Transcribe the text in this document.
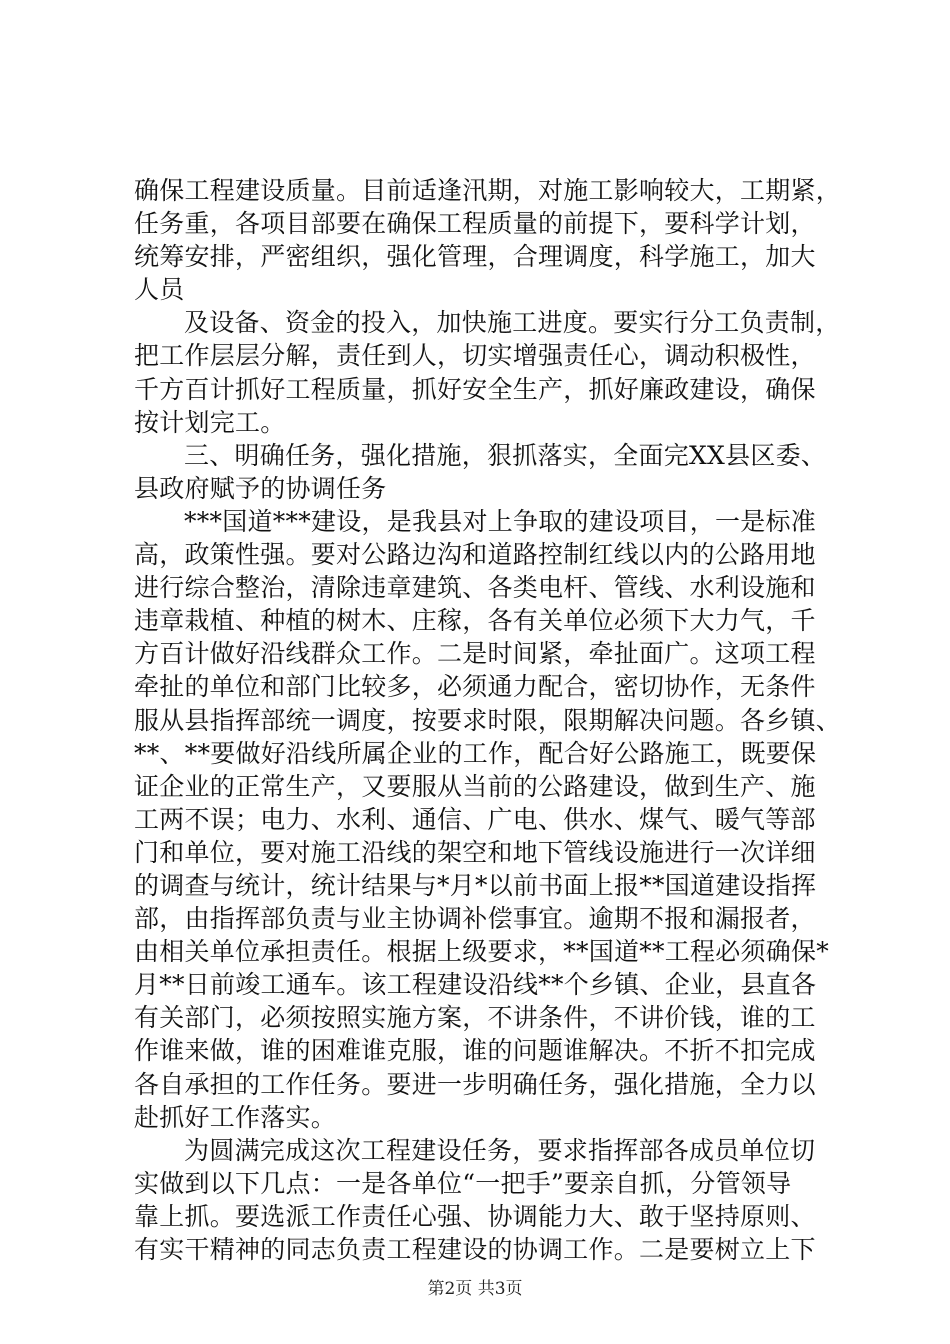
确保工程建设质量。目前适逢汛期，对施工影响较大，工期紧，
任务重，各项目部要在确保工程质量的前提下，要科学计划，
统筹安排，严密组织，强化管理，合理调度，科学施工，加大
人员
及设备、资金的投入，加快施工进度。要实行分工负责制，
把工作层层分解，责任到人，切实增强责任心，调动积极性，
千方百计抓好工程质量，抓好安全生产，抓好廉政建设，确保
按计划完工。
三、明确任务，强化措施，狠抓落实，全面完XX县区委、
县政府赋予的协调任务
***国道***建设，是我县对上争取的建设项目，一是标准
高，政策性强。要对公路边沟和道路控制红线以内的公路用地
进行综合整治，清除违章建筑、各类电杆、管线、水利设施和
违章栽植、种植的树木、庄稼，各有关单位必须下大力气，千
方百计做好沿线群众工作。二是时间紧，牵扯面广。这项工程
牵扯的单位和部门比较多，必须通力配合，密切协作，无条件
服从县指挥部统一调度，按要求时限，限期解决问题。各乡镇、
**、**要做好沿线所属企业的工作，配合好公路施工，既要保
证企业的正常生产，又要服从当前的公路建设，做到生产、施
工两不误；电力、水利、通信、广电、供水、煤气、暖气等部
门和单位，要对施工沿线的架空和地下管线设施进行一次详细
的调查与统计，统计结果与*月*以前书面上报**国道建设指挥
部，由指挥部负责与业主协调补偿事宜。逾期不报和漏报者，
由相关单位承担责任。根据上级要求，**国道**工程必须确保*
月**日前竣工通车。该工程建设沿线**个乡镇、企业，县直各
有关部门，必须按照实施方案，不讲条件，不讲价钱，谁的工
作谁来做，谁的困难谁克服，谁的问题谁解决。不折不扣完成
各自承担的工作任务。要进一步明确任务，强化措施，全力以
赴抓好工作落实。
为圆满完成这次工程建设任务，要求指挥部各成员单位切
实做到以下几点：一是各单位“一把手”要亲自抓，分管领导
靠上抓。要选派工作责任心强、协调能力大、敢于坚持原则、
有实干精神的同志负责工程建设的协调工作。二是要树立上下
第2页 共3页
